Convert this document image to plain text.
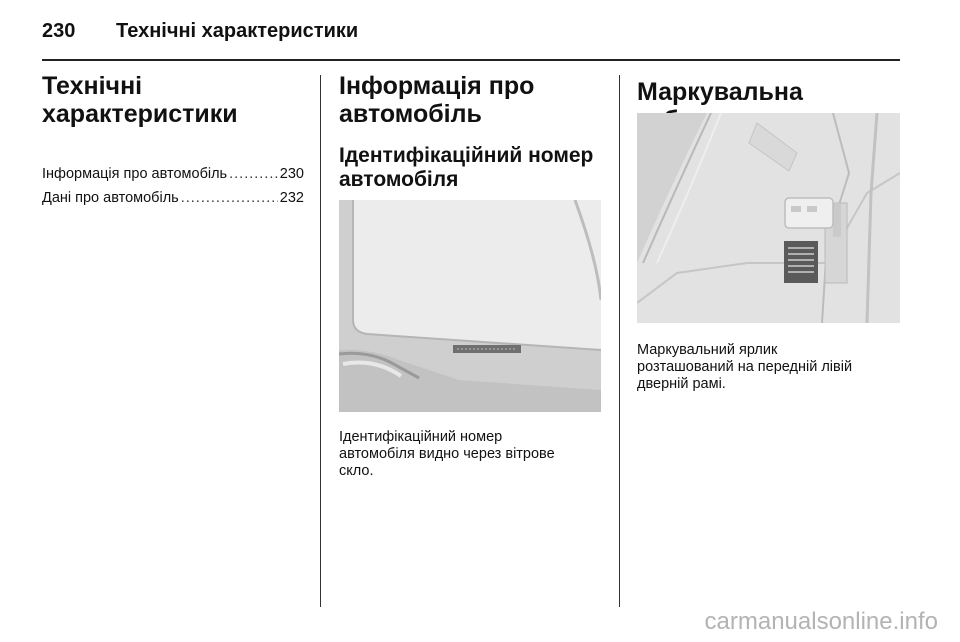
230 Технічні характеристики
Технічні
характеристики
Інформація про автомобіль .....	230
Дані про автомобіль .....	232
Інформація про
автомобіль
Ідентифікаційний номер
автомобіля
Ідентифікаційний номер
автомобіля видно через вітрове
скло.
Маркувальна
Маркувальний ярлик
розташований на передній лівій
дверній рамі.
carmanualsonline.info
